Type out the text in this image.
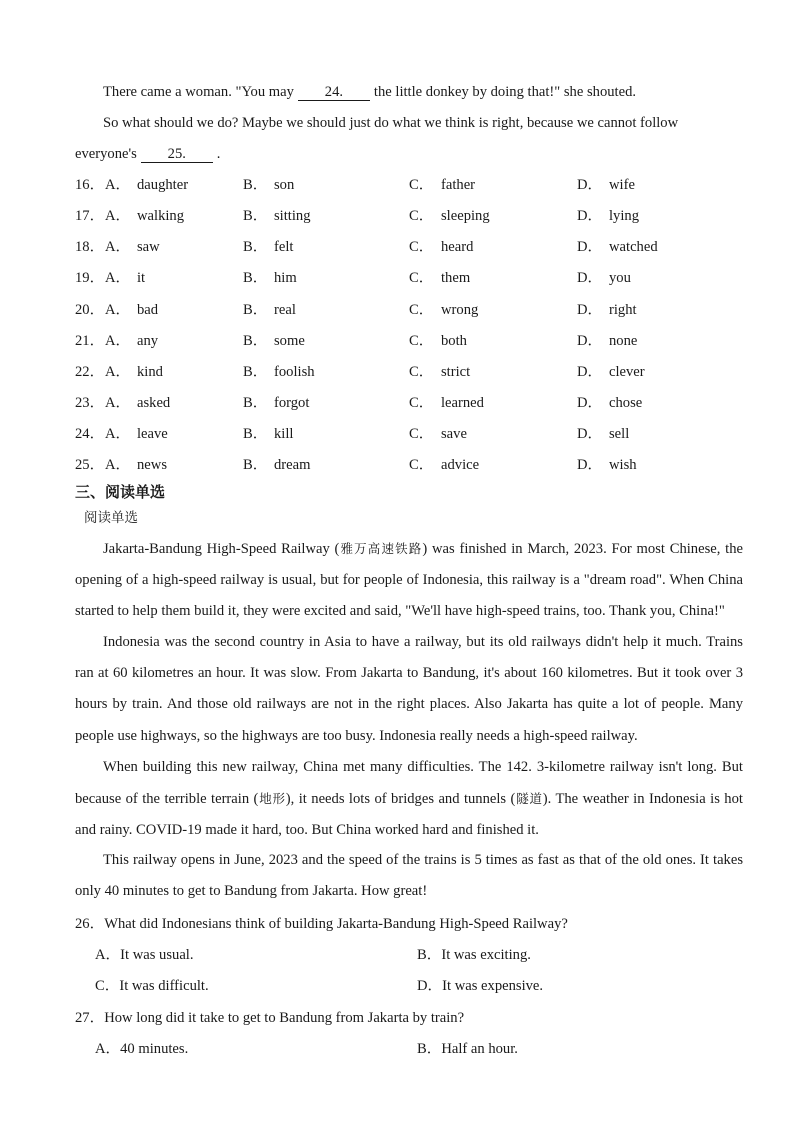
There came a woman. "You may 24. the little donkey by doing that!" she shouted.
So what should we do? Maybe we should just do what we think is right, because we cannot follow
everyone's 25. .
16． A． daughter	B． son	C． father	D． wife
17． A． walking	B． sitting	C． sleeping	D． lying
18． A． saw	B． felt	C． heard	D． watched
19． A． it	B． him	C． them	D． you
20． A． bad	B． real	C． wrong	D． right
21． A． any	B． some	C． both	D． none
22． A． kind	B． foolish	C． strict	D． clever
23． A． asked	B． forgot	C． learned	D． chose
24． A． leave	B． kill	C． save	D． sell
25． A． news	B． dream	C． advice	D． wish
三、阅读单选
阅读单选

Jakarta-Bandung High-Speed Railway (雅万高速铁路) was finished in March, 2023. For most Chinese, the opening of a high-speed railway is usual, but for people of Indonesia, this railway is a "dream road". When China started to help them build it, they were excited and said, "We'll have high-speed trains, too. Thank you, China!"

Indonesia was the second country in Asia to have a railway, but its old railways didn't help it much. Trains ran at 60 kilometres an hour. It was slow. From Jakarta to Bandung, it's about 160 kilometres. But it took over 3 hours by train. And those old railways are not in the right places. Also Jakarta has quite a lot of people. Many people use highways, so the highways are too busy. Indonesia really needs a high-speed railway.

When building this new railway, China met many difficulties. The 142. 3-kilometre railway isn't long. But because of the terrible terrain (地形), it needs lots of bridges and tunnels (隧道). The weather in Indonesia is hot and rainy. COVID-19 made it hard, too. But China worked hard and finished it.

This railway opens in June, 2023 and the speed of the trains is 5 times as fast as that of the old ones. It takes only 40 minutes to get to Bandung from Jakarta. How great!

26．What did Indonesians think of building Jakarta-Bandung High-Speed Railway?
A．It was usual.	B．It was exciting.
C．It was difficult.	D．It was expensive.
27．How long did it take to get to Bandung from Jakarta by train?
A．40 minutes.	B．Half an hour.
